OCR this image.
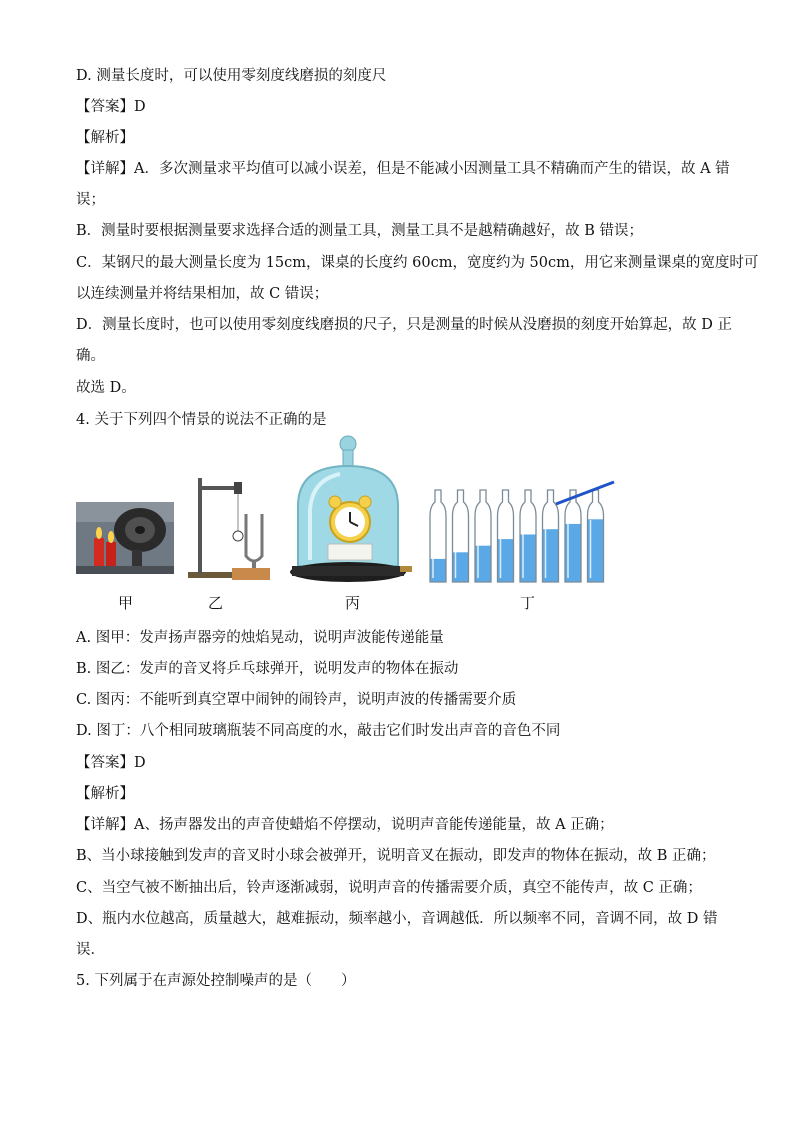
D. 测量长度时，可以使用零刻度线磨损的刻度尺
【答案】D
【解析】
【详解】A．多次测量求平均值可以减小误差，但是不能减小因测量工具不精确而产生的错误，故 A 错
误；
B．测量时要根据测量要求选择合适的测量工具，测量工具不是越精确越好，故 B 错误；
C．某钢尺的最大测量长度为 15cm，课桌的长度约 60cm，宽度约为 50cm，用它来测量课桌的宽度时可
以连续测量并将结果相加，故 C 错误；
D．测量长度时，也可以使用零刻度线磨损的尺子，只是测量的时候从没磨损的刻度开始算起，故 D 正
确。
故选 D。
4. 关于下列四个情景的说法不正确的是
甲	乙	丙	丁
A. 图甲：发声扬声器旁的烛焰晃动，说明声波能传递能量
B. 图乙：发声的音叉将乒乓球弹开，说明发声的物体在振动
C. 图丙：不能听到真空罩中闹钟的闹铃声，说明声波的传播需要介质
D. 图丁：八个相同玻璃瓶装不同高度的水，敲击它们时发出声音的音色不同
【答案】D
【解析】
【详解】A、扬声器发出的声音使蜡焰不停摆动，说明声音能传递能量，故 A 正确；
B、当小球接触到发声的音叉时小球会被弹开，说明音叉在振动，即发声的物体在振动，故 B 正确；
C、当空气被不断抽出后，铃声逐渐减弱，说明声音的传播需要介质，真空不能传声，故 C 正确；
D、瓶内水位越高，质量越大，越难振动，频率越小，音调越低．所以频率不同，音调不同，故 D 错
误．
5. 下列属于在声源处控制噪声的是（　　）
